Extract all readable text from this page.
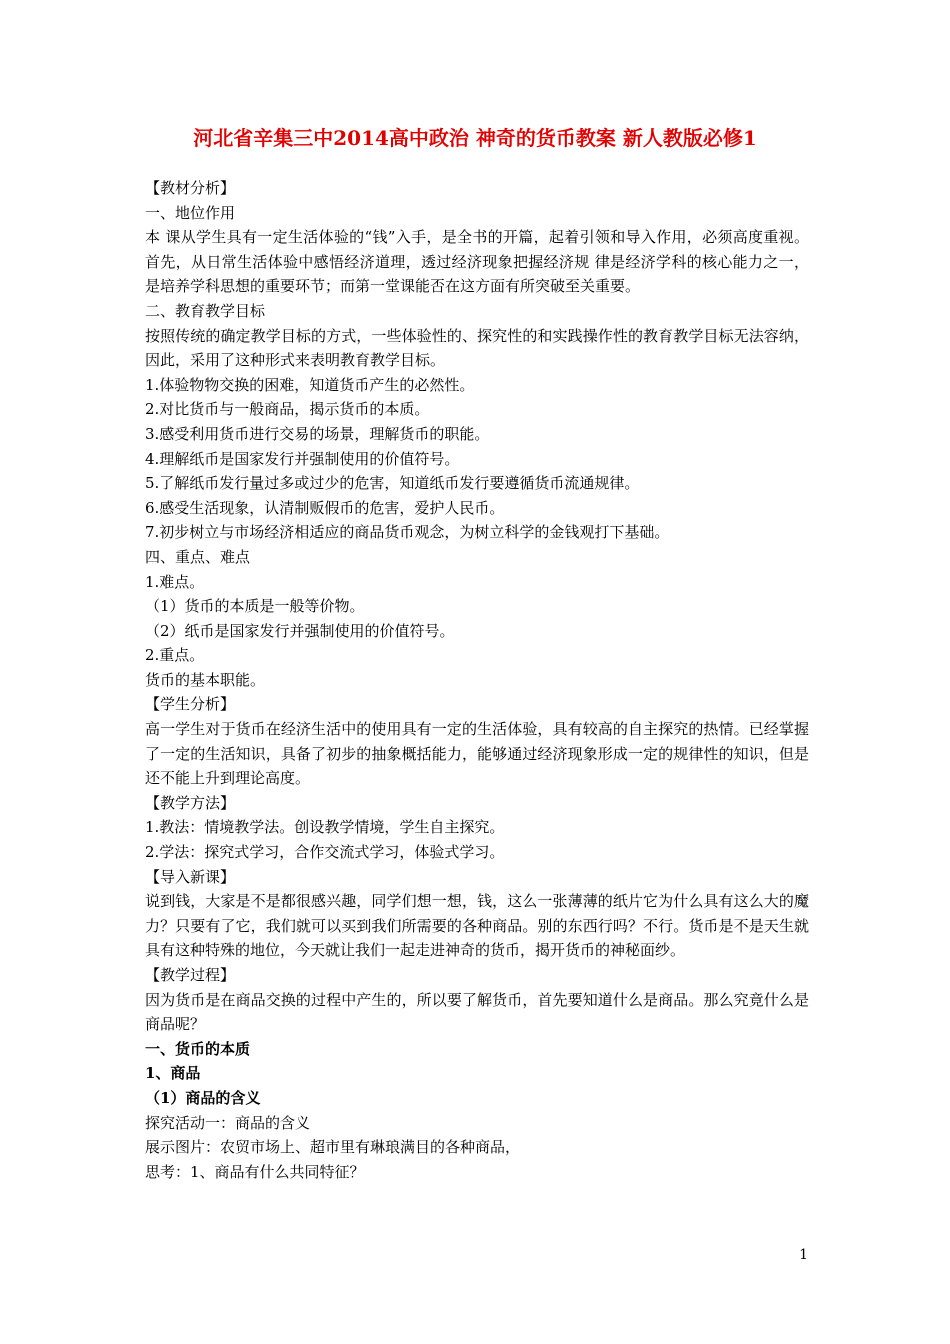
河北省辛集三中2014高中政治 神奇的货币教案 新人教版必修1

【教材分析】

一、地位作用

本 课从学生具有一定生活体验的“钱”入手，是全书的开篇，起着引领和导入作用，必须高度重视。首先，从日常生活体验中感悟经济道理，透过经济现象把握经济规 律是经济学科的核心能力之一，是培养学科思想的重要环节；而第一堂课能否在这方面有所突破至关重要。

二、教育教学目标

按照传统的确定教学目标的方式，一些体验性的、探究性的和实践操作性的教育教学目标无法容纳，因此，采用了这种形式来表明教育教学目标。

1.体验物物交换的困难，知道货币产生的必然性。

2.对比货币与一般商品，揭示货币的本质。

3.感受利用货币进行交易的场景，理解货币的职能。

4.理解纸币是国家发行并强制使用的价值符号。

5.了解纸币发行量过多或过少的危害，知道纸币发行要遵循货币流通规律。

6.感受生活现象，认清制贩假币的危害，爱护人民币。

7.初步树立与市场经济相适应的商品货币观念，为树立科学的金钱观打下基础。

四、重点、难点

1.难点。

（1）货币的本质是一般等价物。

（2）纸币是国家发行并强制使用的价值符号。

2.重点。

货币的基本职能。

【学生分析】

高一学生对于货币在经济生活中的使用具有一定的生活体验，具有较高的自主探究的热情。已经掌握了一定的生活知识，具备了初步的抽象概括能力，能够通过经济现象形成一定的规律性的知识，但是还不能上升到理论高度。

【教学方法】

1.教法：情境教学法。创设教学情境，学生自主探究。

2.学法：探究式学习，合作交流式学习，体验式学习。

【导入新课】

说到钱，大家是不是都很感兴趣，同学们想一想，钱，这么一张薄薄的纸片它为什么具有这么大的魔力？只要有了它，我们就可以买到我们所需要的各种商品。别的东西行吗？不行。货币是不是天生就具有这种特殊的地位，今天就让我们一起走进神奇的货币，揭开货币的神秘面纱。

【教学过程】

因为货币是在商品交换的过程中产生的，所以要了解货币，首先要知道什么是商品。那么究竟什么是商品呢？

一、货币的本质

1、商品

（1）商品的含义

探究活动一：商品的含义

展示图片：农贸市场上、超市里有琳琅满目的各种商品，

思考：1、商品有什么共同特征？

1
